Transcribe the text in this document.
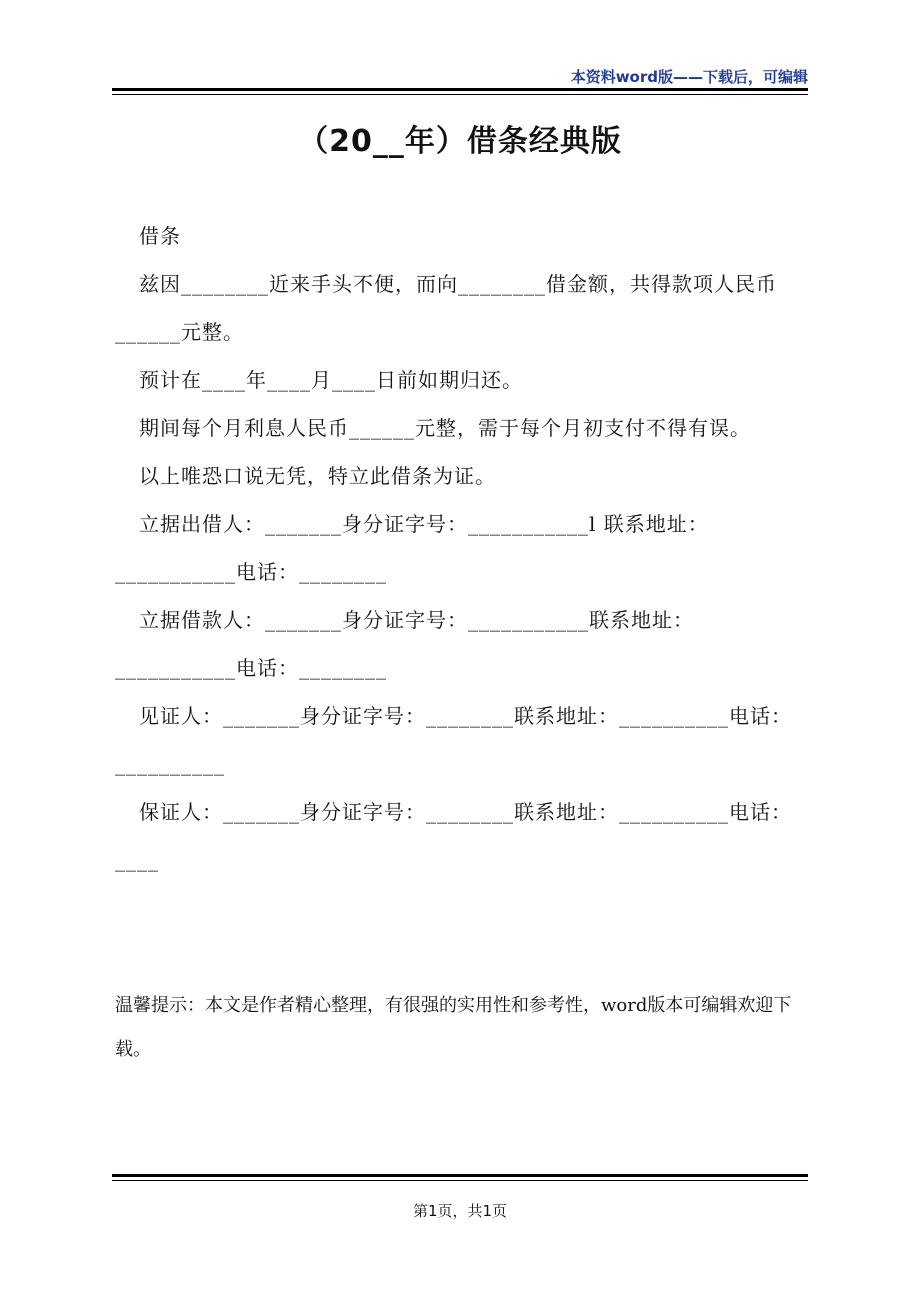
本资料word版——下载后，可编辑
（20__年）借条经典版

借条

兹因________近来手头不便，而向________借金额，共得款项人民币______元整。

预计在____年____月____日前如期归还。

期间每个月利息人民币______元整，需于每个月初支付不得有误。

以上唯恐口说无凭，特立此借条为证。

立据出借人：_______身分证字号：___________l 联系地址：___________电话：________

立据借款人：_______身分证字号：___________联系地址：___________电话：________

见证人：_______身分证字号：________联系地址：__________电话：__________

保证人：_______身分证字号：________联系地址：__________电话：____

温馨提示：本文是作者精心整理，有很强的实用性和参考性，word版本可编辑欢迎下载。

第1页，共1页
